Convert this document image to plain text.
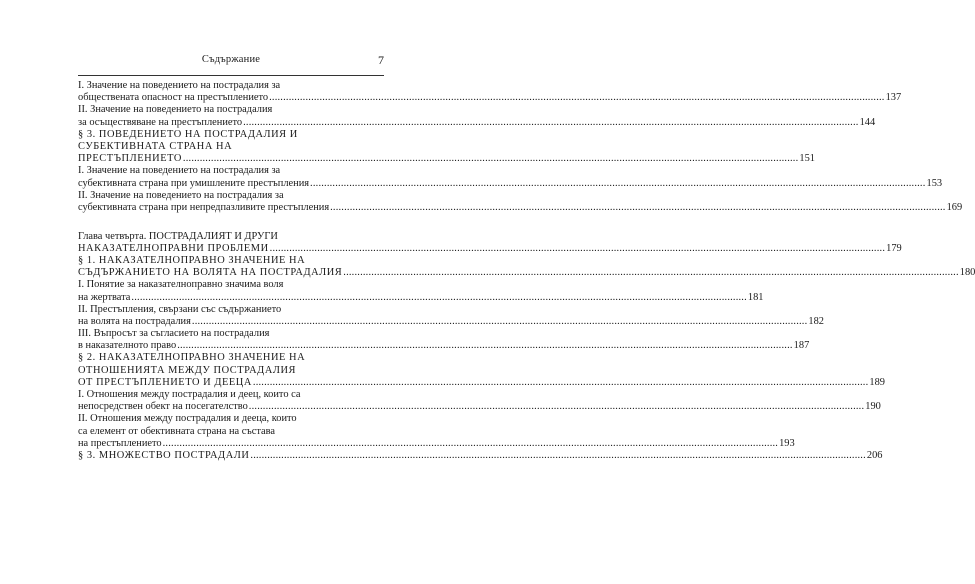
Съдържание	7
I. Значение на поведението на пострадалия за
обществената опасност на престъплението .....	137
II. Значение на поведението на пострадалия
за осъществяване на престъплението .....	144
§ 3. ПОВЕДЕНИЕТО НА ПОСТРАДАЛИЯ И
СУБЕКТИВНАТА СТРАНА НА
ПРЕСТЪПЛЕНИЕТО .....	151
I. Значение на поведението на пострадалия за
субективната страна при умишлените престъпления .....	153
II. Значение на поведението на пострадалия за
субективната страна при непредпазливите престъпления .....	169
Глава четвърта. ПОСТРАДАЛИЯТ И ДРУГИ
НАКАЗАТЕЛНОПРАВНИ ПРОБЛЕМИ .....	179
§ 1. НАКАЗАТЕЛНОПРАВНО ЗНАЧЕНИЕ НА
СЪДЪРЖАНИЕТО НА ВОЛЯТА НА ПОСТРАДАЛИЯ .....	180
I. Понятие за наказателноправно значима воля
на жертвата .....	181
II. Престъпления, свързани със съдържанието
на волята на пострадалия .....	182
III. Въпросът за съгласието на пострадалия
в наказателното право .....	187
§ 2. НАКАЗАТЕЛНОПРАВНО ЗНАЧЕНИЕ НА
ОТНОШЕНИЯТА МЕЖДУ ПОСТРАДАЛИЯ
ОТ ПРЕСТЪПЛЕНИЕТО И ДЕЕЦА .....	189
I. Отношения между пострадалия и деец, които са
непосредствен обект на посегателство .....	190
II. Отношения между пострадалия и дееца, които
са елемент от обективната страна на състава
на престъплението .....	193
§ 3. МНОЖЕСТВО ПОСТРАДАЛИ .....	206
